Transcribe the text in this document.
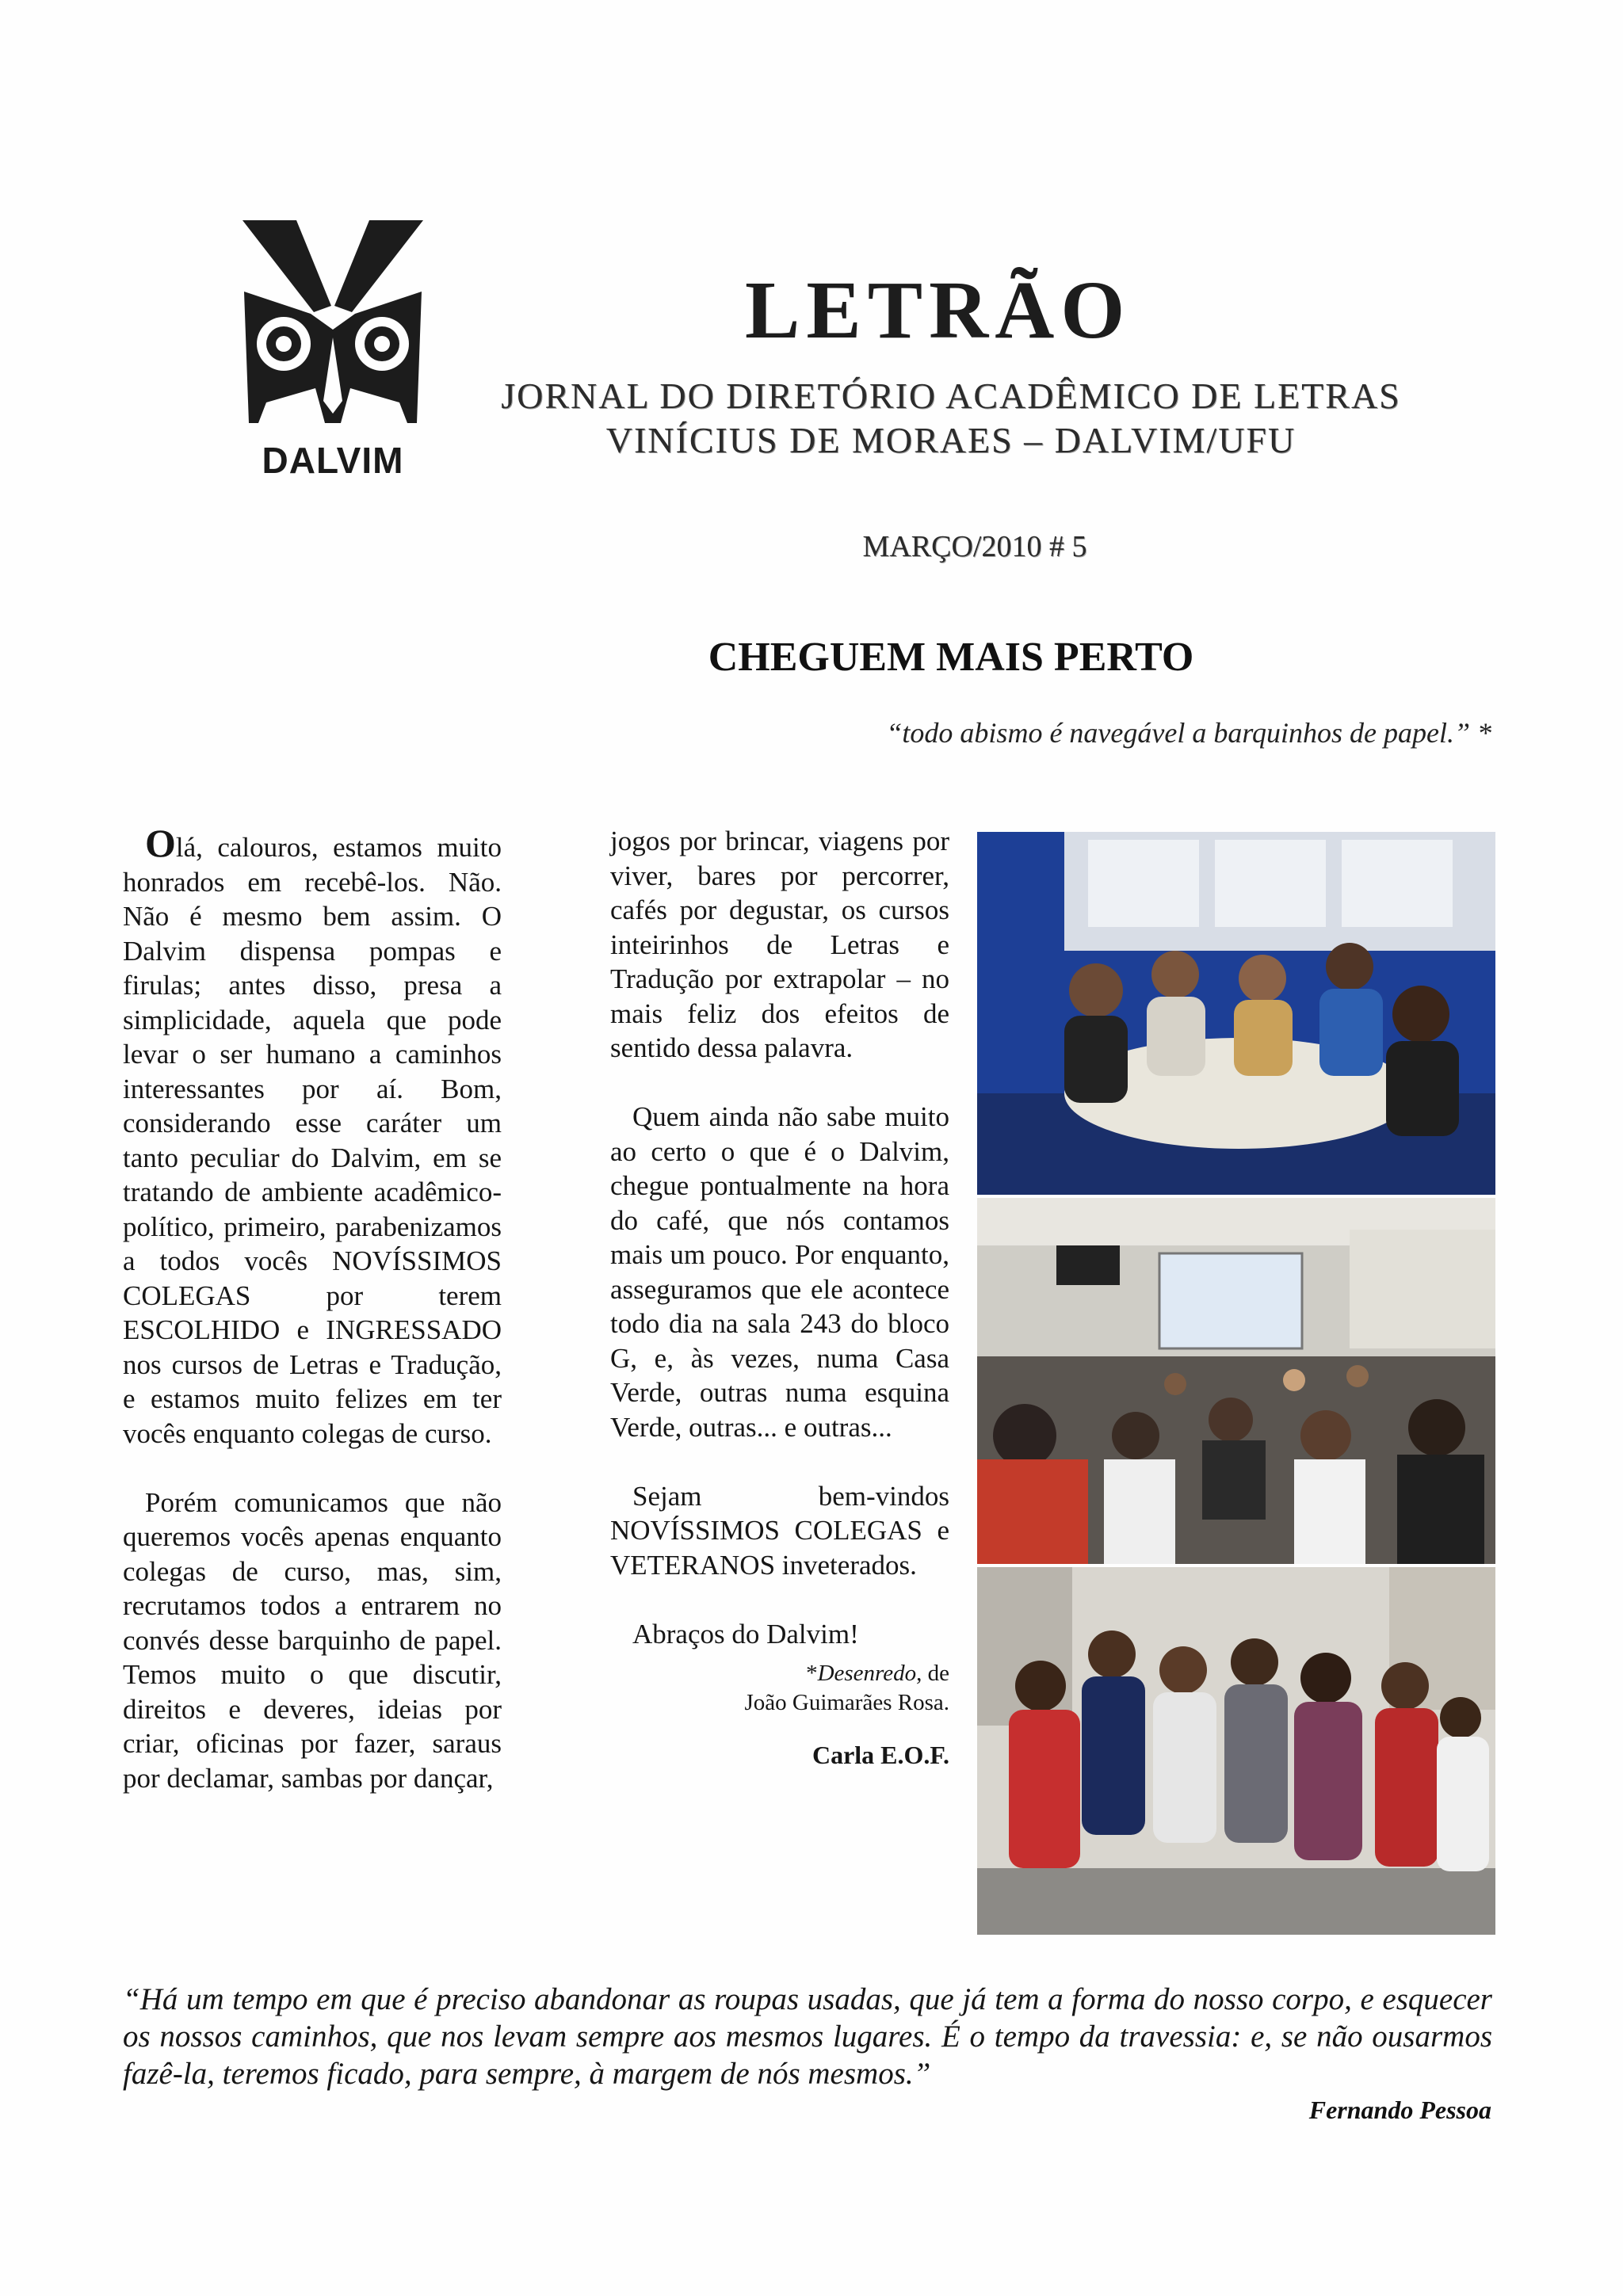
DALVIM
LETRÃO
JORNAL DO DIRETÓRIO ACADÊMICO DE LETRAS
VINÍCIUS DE MORAES – DALVIM/UFU
MARÇO/2010 # 5
CHEGUEM MAIS PERTO
“todo abismo é navegável a barquinhos de papel.” *

Olá, calouros, estamos muito honrados em recebê-los. Não. Não é mesmo bem assim. O Dalvim dispensa pompas e firulas; antes disso, presa a simplicidade, aquela que pode levar o ser humano a caminhos interessantes por aí. Bom, considerando esse caráter um tanto peculiar do Dalvim, em se tratando de ambiente acadêmico-político, primeiro, parabenizamos a todos vocês NOVÍSSIMOS COLEGAS por terem ESCOLHIDO e INGRESSADO nos cursos de Letras e Tradução, e estamos muito felizes em ter vocês enquanto colegas de curso.

Porém comunicamos que não queremos vocês apenas enquanto colegas de curso, mas, sim, recrutamos todos a entrarem no convés desse barquinho de papel. Temos muito o que discutir, direitos e deveres, ideias por criar, oficinas por fazer, saraus por declamar, sambas por dançar,

jogos por brincar, viagens por viver, bares por percorrer, cafés por degustar, os cursos inteirinhos de Letras e Tradução por extrapolar – no mais feliz dos efeitos de sentido dessa palavra.

Quem ainda não sabe muito ao certo o que é o Dalvim, chegue pontualmente na hora do café, que nós contamos mais um pouco. Por enquanto, asseguramos que ele acontece todo dia na sala 243 do bloco G, e, às vezes, numa Casa Verde, outras numa esquina Verde, outras... e outras...

Sejam bem-vindos NOVÍSSIMOS COLEGAS e VETERANOS inveterados.

Abraços do Dalvim!

*Desenredo, de
João Guimarães Rosa.
Carla E.O.F.
“Há um tempo em que é preciso abandonar as roupas usadas, que já tem a forma do nosso corpo, e esquecer os nossos caminhos, que nos levam sempre aos mesmos lugares. É o tempo da travessia: e, se não ousarmos fazê-la, teremos ficado, para sempre, à margem de nós mesmos.”
Fernando Pessoa
